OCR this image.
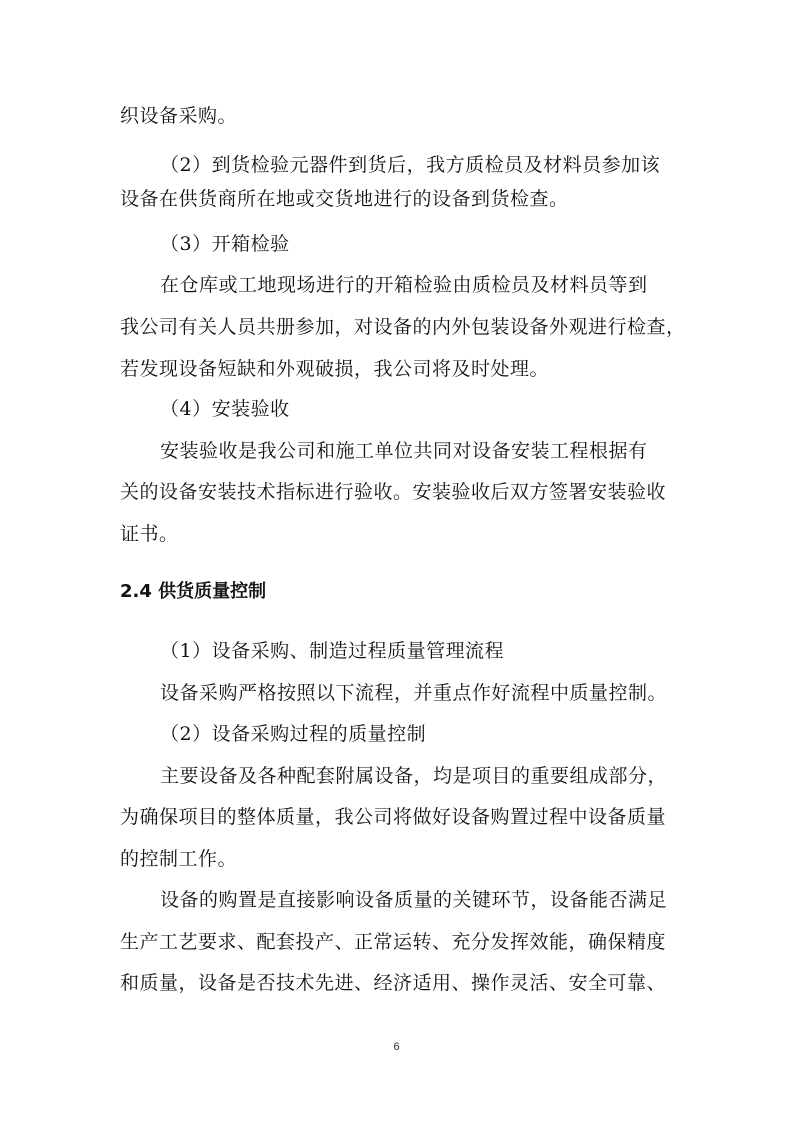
织设备采购。
（2）到货检验元器件到货后，我方质检员及材料员参加该
设备在供货商所在地或交货地进行的设备到货检查。
（3）开箱检验
在仓库或工地现场进行的开箱检验由质检员及材料员等到
我公司有关人员共册参加，对设备的内外包装设备外观进行检查，
若发现设备短缺和外观破损，我公司将及时处理。
（4）安装验收
安装验收是我公司和施工单位共同对设备安装工程根据有
关的设备安装技术指标进行验收。安装验收后双方签署安装验收
证书。
2.4 供货质量控制
（1）设备采购、制造过程质量管理流程
设备采购严格按照以下流程，并重点作好流程中质量控制。
（2）设备采购过程的质量控制
主要设备及各种配套附属设备，均是项目的重要组成部分，
为确保项目的整体质量，我公司将做好设备购置过程中设备质量
的控制工作。
设备的购置是直接影响设备质量的关键环节，设备能否满足
生产工艺要求、配套投产、正常运转、充分发挥效能，确保精度
和质量，设备是否技术先进、经济适用、操作灵活、安全可靠、
6
